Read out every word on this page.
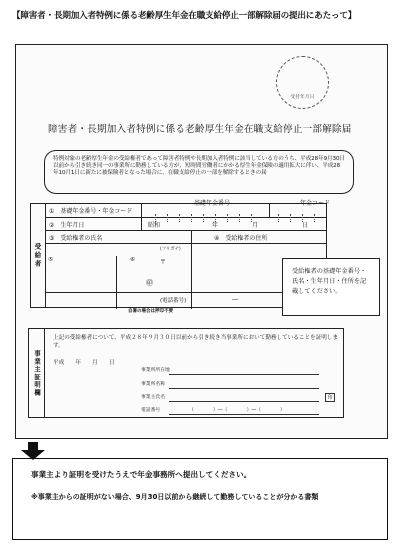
【障害者・長期加入者特例に係る老齢厚生年金在職支給停止一部解除届の提出にあたって】
受付年月日
障害者・長期加入者特例に係る老齢厚生年金在職支給停止一部解除届

特例対象の老齢厚生年金の受給権者であって障害者特例や長期加入者特例に該当している方のうち、平成28年9月30日以前から引き続き同一の事業所に勤務している方が、短時間労働者にかかる厚生年金保険の適用拡大に伴い、平成28年10月1日に新たに被保険者となった場合に、在職支給停止の一部を解除するときの届

受給者
①　基礎年金番号・年金コード
基礎年金番号	年金コード
②　生年月日	昭和	年	月	日
③　受給権者の氏名	④　受給権者の住所
(フリガナ)
⑤	⑥	〒
㊞
(電話番号)	―
自署の場合は押印不要

受給権者の基礎年金番号・氏名・生年月日・住所を記載してください。

事業主証明欄
上記の受給権者について、平成２８年９月３０日以前から引き続き当事業所において勤務していることを証明します。
平成　　年　　月　　日
事業所所在地
事業所名称
事業主氏名	印
電話番号	（　　　　）―（　　　　）―（　　　　）
事業主より証明を受けたうえで年金事務所へ提出してください。
※事業主からの証明がない場合、9月30日以前から継続して勤務していることが分かる書類
